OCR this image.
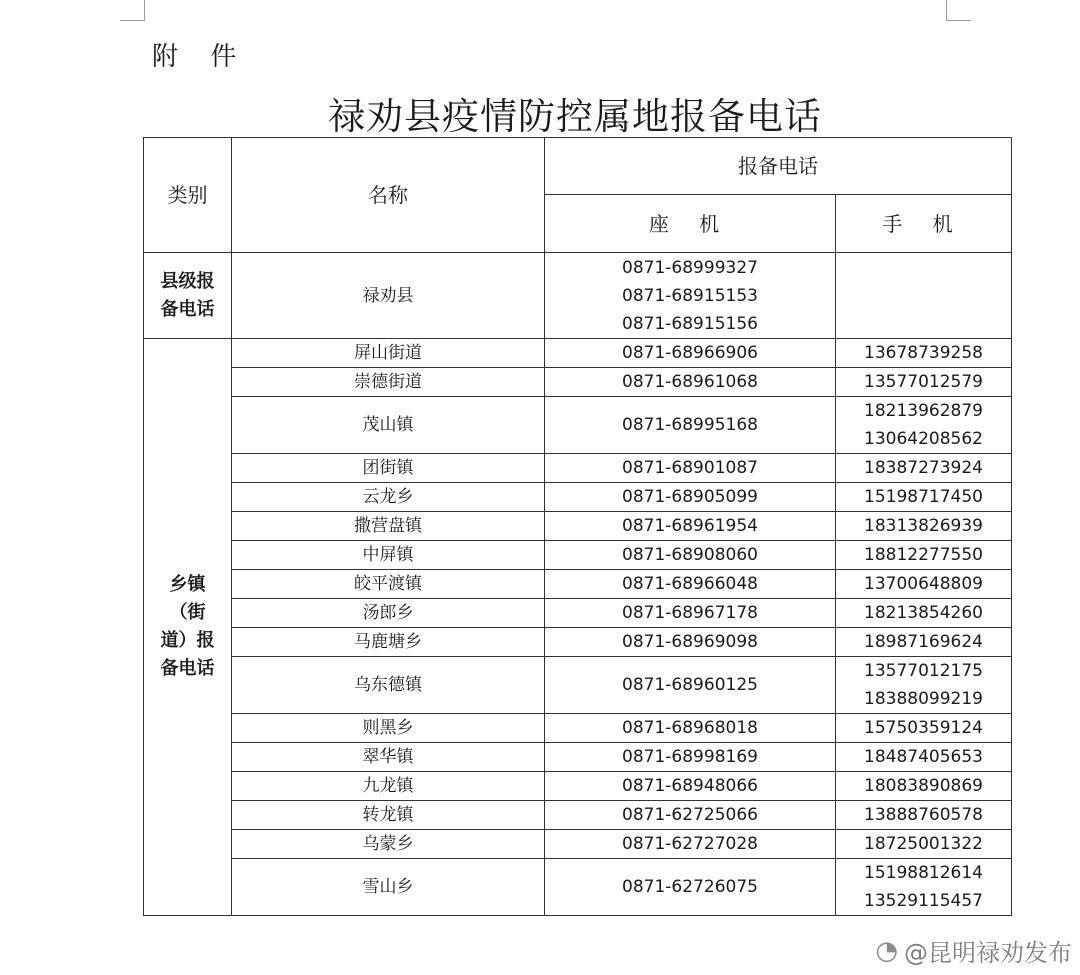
附 件
禄劝县疫情防控属地报备电话
类别	名称	报备电话	
		座 机	手 机
县级报备电话	禄劝县	0871-68999327
0871-68915153
0871-68915156	

乡镇（街道）报备电话	屏山街道	0871-68966906	13678739258

	崇德街道	0871-68961068	13577012579

	茂山镇	0871-68995168	18213962879
13064208562

	团街镇	0871-68901087	18387273924

	云龙乡	0871-68905099	15198717450

	撒营盘镇	0871-68961954	18313826939

	中屏镇	0871-68908060	18812277550

	皎平渡镇	0871-68966048	13700648809

	汤郎乡	0871-68967178	18213854260

	马鹿塘乡	0871-68969098	18987169624

	乌东德镇	0871-68960125	13577012175
18388099219

	则黑乡	0871-68968018	15750359124

	翠华镇	0871-68998169	18487405653

	九龙镇	0871-68948066	18083890869

	转龙镇	0871-62725066	13888760578

	乌蒙乡	0871-62727028	18725001322

	雪山乡	0871-62726075	15198812614
13529115457
◔ @昆明禄劝发布
